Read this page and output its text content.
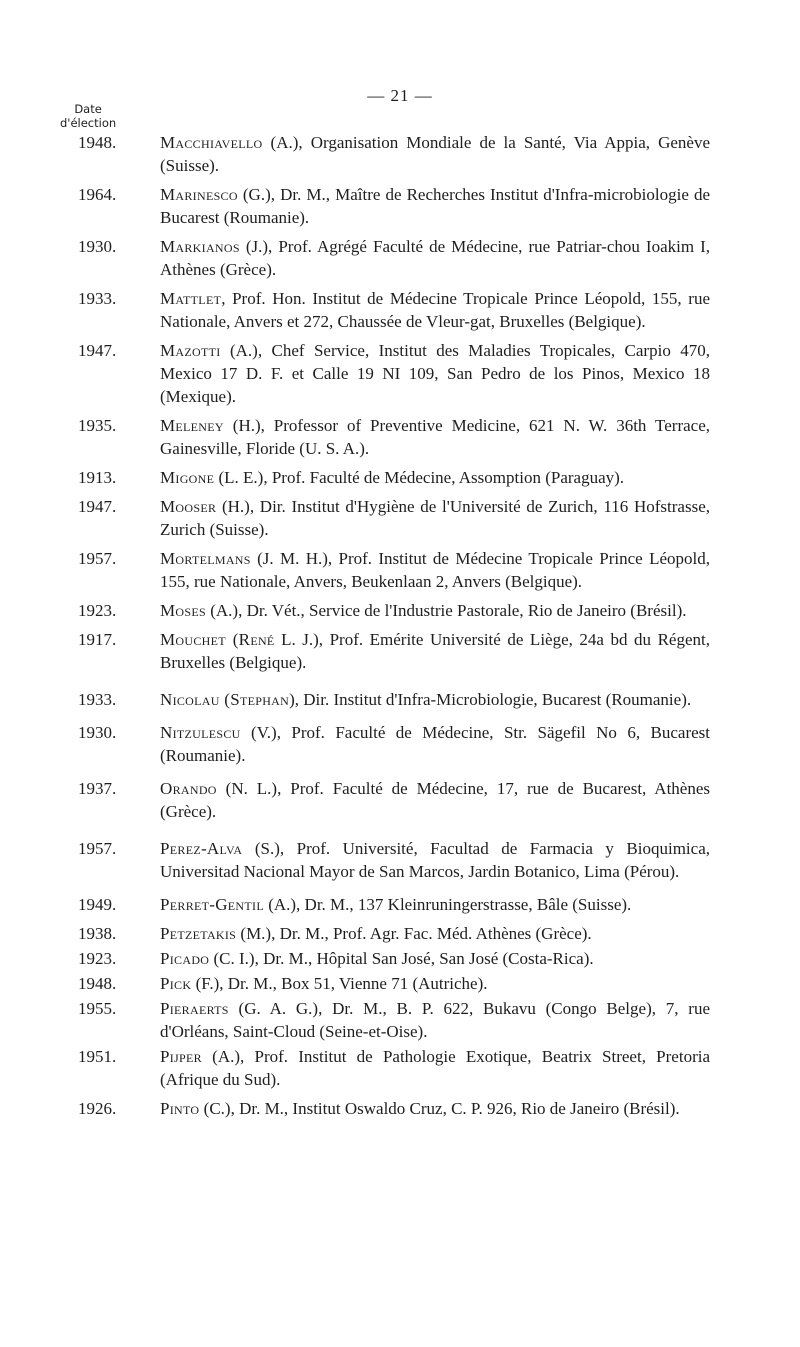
— 21 —
Date
d'élection
1948.	Macchiavello (A.), Organisation Mondiale de la Santé, Via Appia, Genève (Suisse).
1964.	Marinesco (G.), Dr. M., Maître de Recherches Institut d'Infra-microbiologie de Bucarest (Roumanie).
1930.	Markianos (J.), Prof. Agrégé Faculté de Médecine, rue Patriar-chou Ioakim I, Athènes (Grèce).
1933.	Mattlet, Prof. Hon. Institut de Médecine Tropicale Prince Léopold, 155, rue Nationale, Anvers et 272, Chaussée de Vleur-gat, Bruxelles (Belgique).
1947.	Mazotti (A.), Chef Service, Institut des Maladies Tropicales, Carpio 470, Mexico 17 D. F. et Calle 19 NI 109, San Pedro de los Pinos, Mexico 18 (Mexique).
1935.	Meleney (H.), Professor of Preventive Medicine, 621 N. W. 36th Terrace, Gainesville, Floride (U. S. A.).
1913.	Migone (L. E.), Prof. Faculté de Médecine, Assomption (Paraguay).
1947.	Mooser (H.), Dir. Institut d'Hygiène de l'Université de Zurich, 116 Hofstrasse, Zurich (Suisse).
1957.	Mortelmans (J. M. H.), Prof. Institut de Médecine Tropicale Prince Léopold, 155, rue Nationale, Anvers, Beukenlaan 2, Anvers (Belgique).
1923.	Moses (A.), Dr. Vét., Service de l'Industrie Pastorale, Rio de Janeiro (Brésil).
1917.	Mouchet (René L. J.), Prof. Emérite Université de Liège, 24a bd du Régent, Bruxelles (Belgique).
1933.	Nicolau (Stephan), Dir. Institut d'Infra-Microbiologie, Bucarest (Roumanie).
1930.	Nitzulescu (V.), Prof. Faculté de Médecine, Str. Sägefil No 6, Bucarest (Roumanie).
1937.	Orando (N. L.), Prof. Faculté de Médecine, 17, rue de Bucarest, Athènes (Grèce).
1957.	Perez-Alva (S.), Prof. Université, Facultad de Farmacia y Bioquimica, Universitad Nacional Mayor de San Marcos, Jardin Botanico, Lima (Pérou).
1949.	Perret-Gentil (A.), Dr. M., 137 Kleinruningerstrasse, Bâle (Suisse).
1938.	Petzetakis (M.), Dr. M., Prof. Agr. Fac. Méd. Athènes (Grèce).
1923.	Picado (C. I.), Dr. M., Hôpital San José, San José (Costa-Rica).
1948.	Pick (F.), Dr. M., Box 51, Vienne 71 (Autriche).
1955.	Pieraerts (G. A. G.), Dr. M., B. P. 622, Bukavu (Congo Belge), 7, rue d'Orléans, Saint-Cloud (Seine-et-Oise).
1951.	Pijper (A.), Prof. Institut de Pathologie Exotique, Beatrix Street, Pretoria (Afrique du Sud).
1926.	Pinto (C.), Dr. M., Institut Oswaldo Cruz, C. P. 926, Rio de Janeiro (Brésil).
